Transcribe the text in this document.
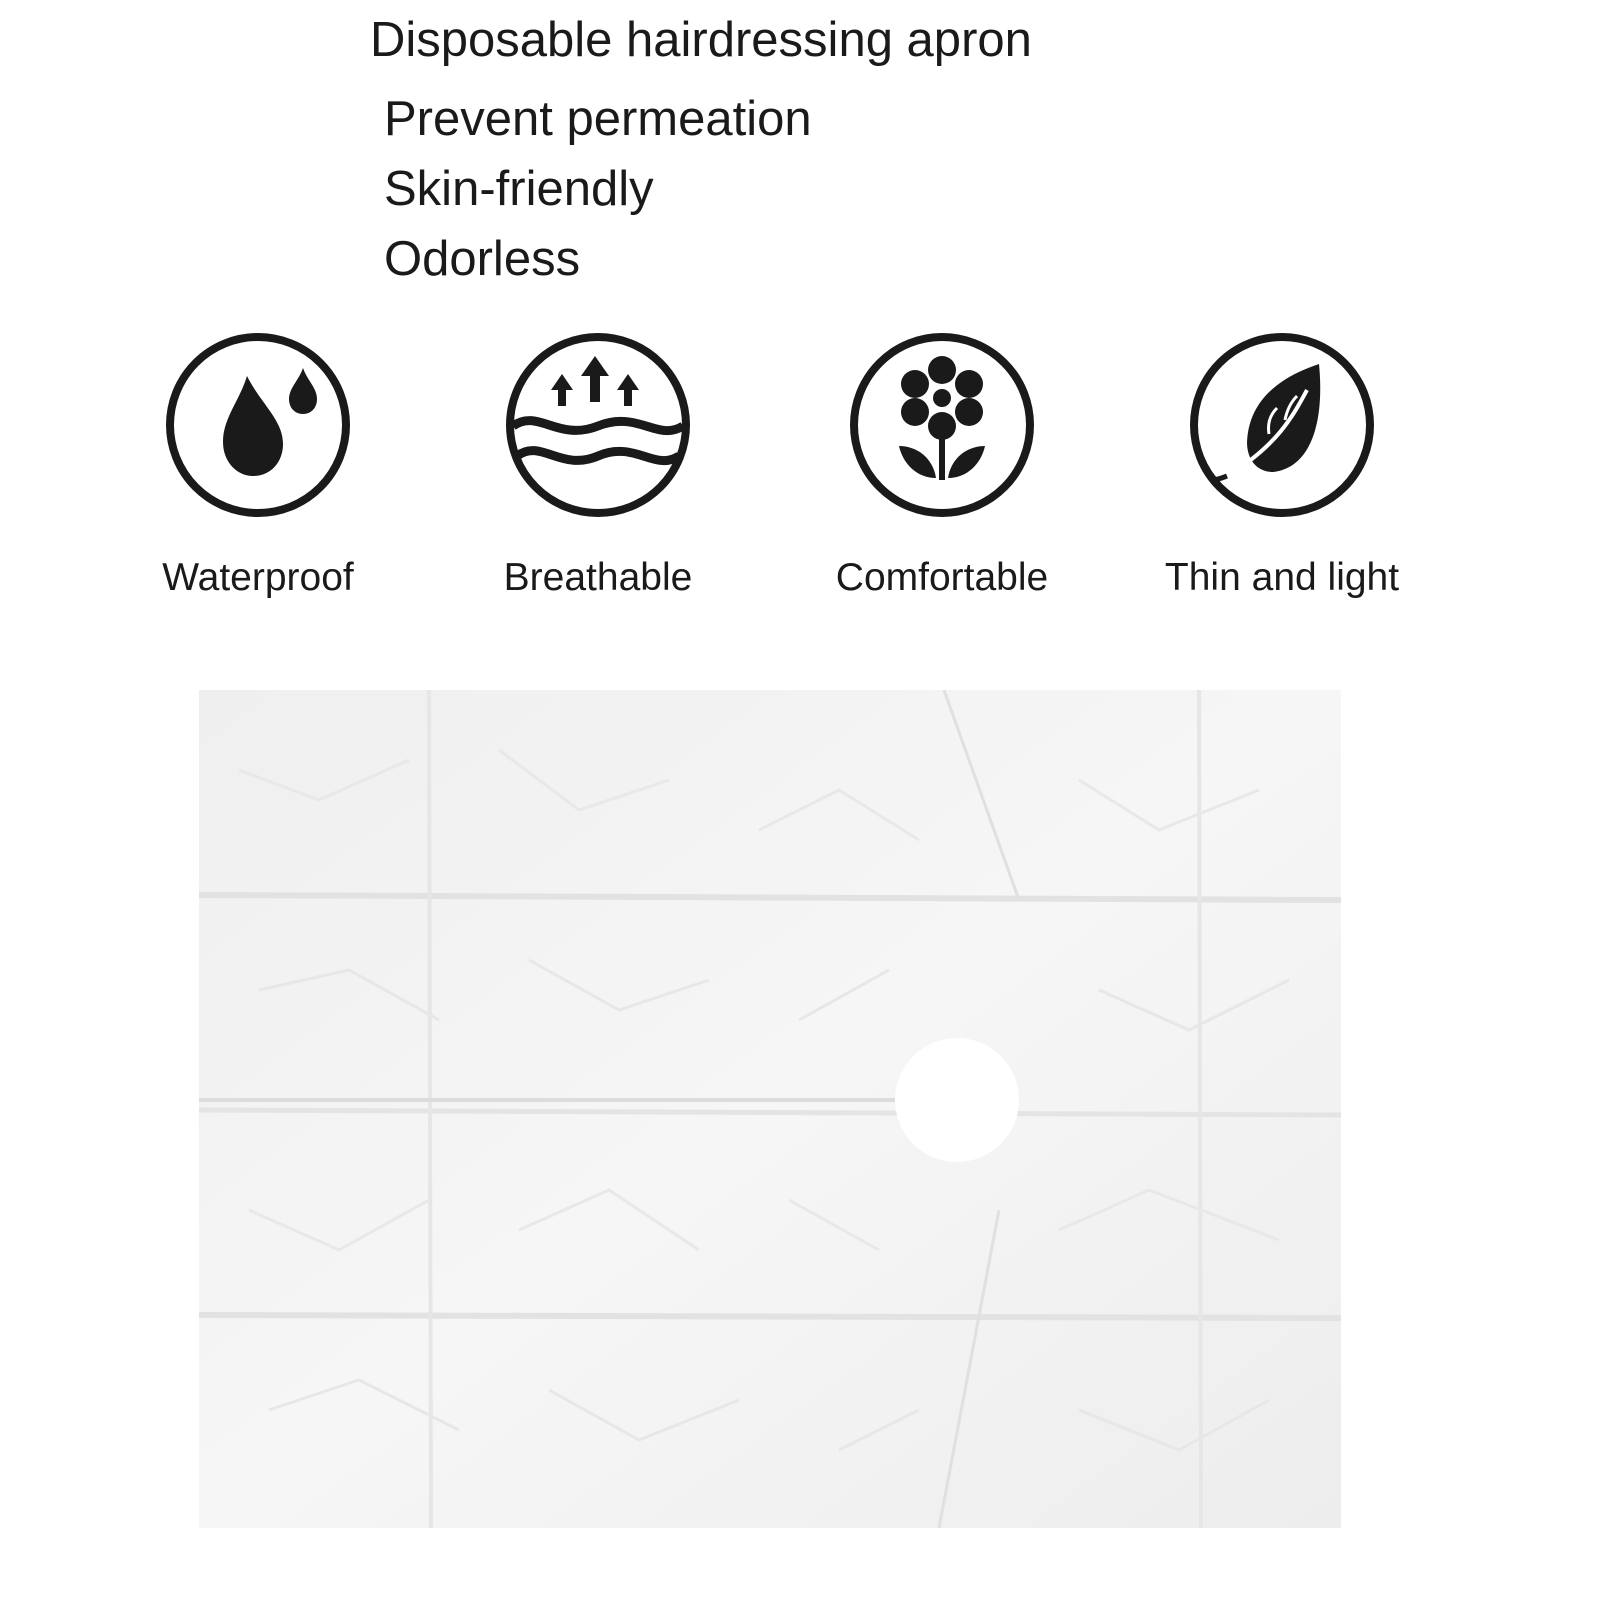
Disposable hairdressing apron
Prevent permeation
Skin-friendly
Odorless
Waterproof	Breathable	Comfortable	Thin and light
